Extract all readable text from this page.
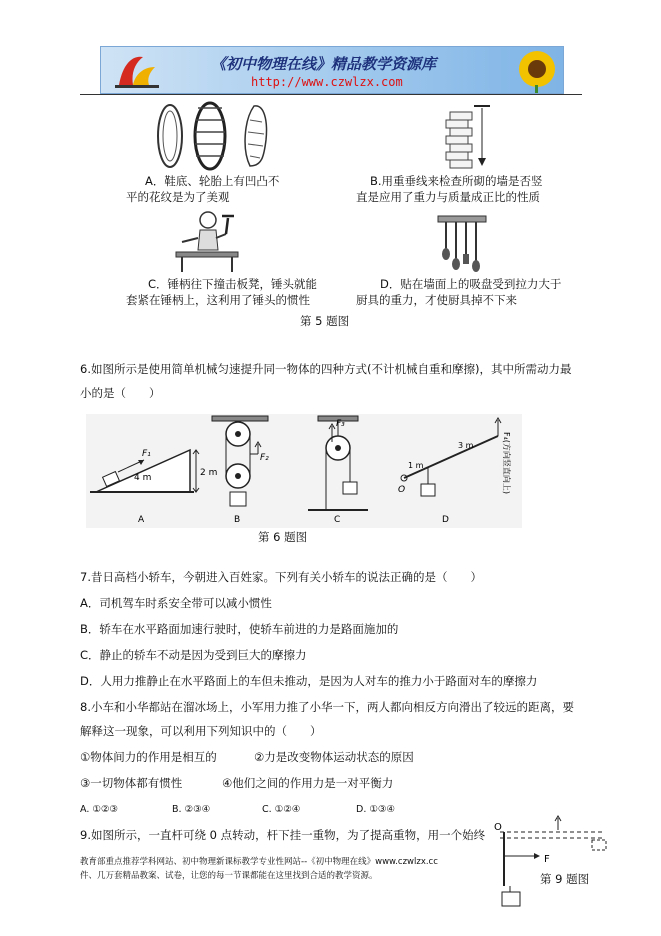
《初中物理在线》精品教学资源库
http://www.czwlzx.com
A．鞋底、轮胎上有凹凸不
平的花纹是为了美观
B.用重垂线来检查所砌的墙是否竖
直是应用了重力与质量成正比的性质
C．锤柄往下撞击板凳，锤头就能
套紧在锤柄上，这利用了锤头的惯性
D．贴在墙面上的吸盘受到拉力大于
厨具的重力，才使厨具掉不下来
第 5 题图
6.如图所示是使用简单机械匀速提升同一物体的四种方式(不计机械自重和摩擦)，其中所需动力最
小的是（　　）
F₁
4 m	2 m
A
F₂
B
F₃
C
1 m
3 m
O	F₄(方向竖直向上)
D
第 6 题图
7.昔日高档小轿车，今朝进入百姓家。下列有关小轿车的说法正确的是（　　）
A．司机驾车时系安全带可以减小惯性
B．轿车在水平路面加速行驶时，使轿车前进的力是路面施加的
C．静止的轿车不动是因为受到巨大的摩擦力
D．人用力推静止在水平路面上的车但未推动，是因为人对车的推力小于路面对车的摩擦力
8.小车和小华都站在溜冰场上，小军用力推了小华一下，两人都向相反方向滑出了较远的距离，要
解释这一现象，可以利用下列知识中的（　　）
①物体间力的作用是相互的	②力是改变物体运动状态的原因
③一切物体都有惯性	④他们之间的作用力是一对平衡力
A. ①②③	B. ②③④	C. ①②④	D. ①③④
9.如图所示，一直杆可绕 0 点转动，杆下挂一重物，为了提高重物，用一个始终
O
F
第 9 题图
教育部重点推荐学科网站、初中物理新课标教学专业性网站--《初中物理在线》www.czwlzx.cc
件、几万套精品教案、试卷，让您的每一节课都能在这里找到合适的教学资源。
